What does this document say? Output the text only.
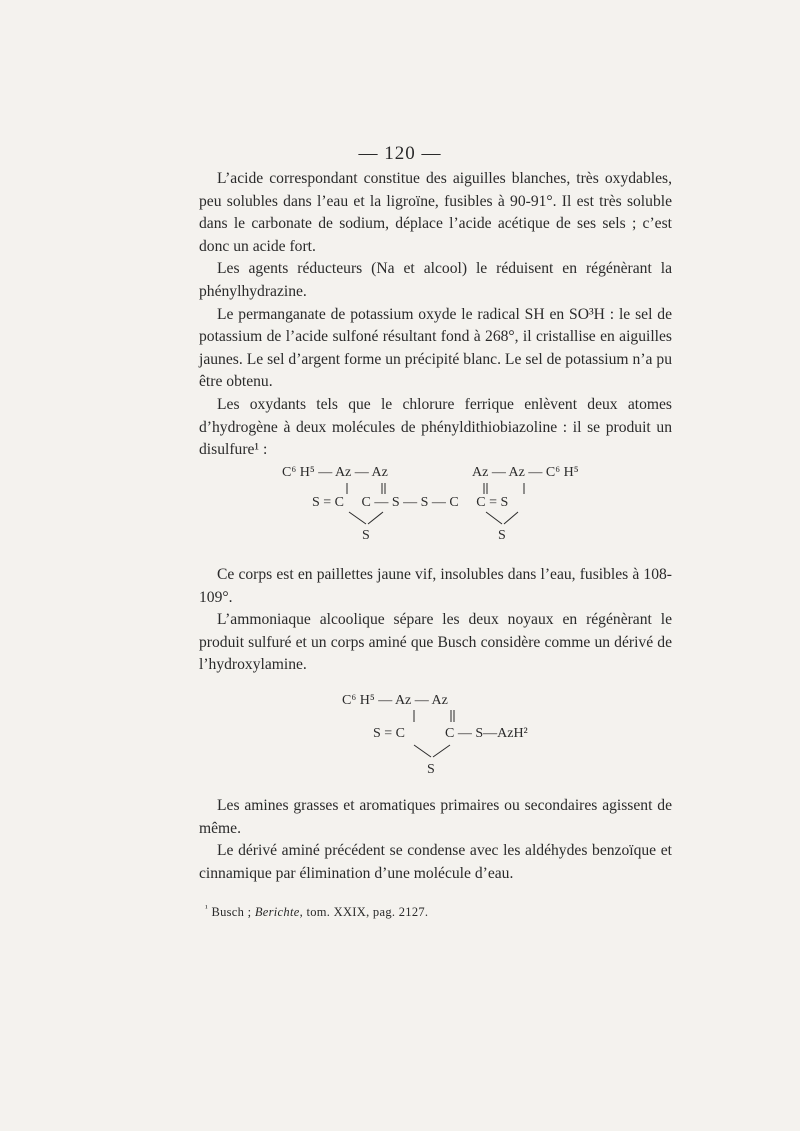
— 120 —

L’acide correspondant constitue des aiguilles blanches, très oxydables, peu solubles dans l’eau et la ligroïne, fusibles à 90-91°. Il est très soluble dans le carbonate de sodium, déplace l’acide acétique de ses sels ; c’est donc un acide fort.

Les agents réducteurs (Na et alcool) le réduisent en régénèrant la phénylhydrazine.

Le permanganate de potassium oxyde le radical SH en SO³H : le sel de potassium de l’acide sulfoné résultant fond à 268°, il cristallise en aiguilles jaunes. Le sel d’argent forme un précipité blanc. Le sel de potassium n’a pu être obtenu.

Les oxydants tels que le chlorure ferrique enlèvent deux atomes d’hydrogène à deux molécules de phényldithiobiazoline : il se produit un disulfure¹ :

C⁶ H⁵ — Az — Az	Az — Az — C⁶ H⁵
S = C     C — S — S — C     C = S
S	S
C⁶ H⁵ — Az — Az
S = C	C — S—AzH²
S

Ce corps est en paillettes jaune vif, insolubles dans l’eau, fusibles à 108-109°.

L’ammoniaque alcoolique sépare les deux noyaux en régénèrant le produit sulfuré et un corps aminé que Busch considère comme un dérivé de l’hydroxylamine.

Les amines grasses et aromatiques primaires ou secondaires agissent de même.

Le dérivé aminé précédent se condense avec les aldéhydes benzoïque et cinnamique par élimination d’une molécule d’eau.

$^{^1}$ Busch ; Berichte, tom. XXIX, pag. 2127.
